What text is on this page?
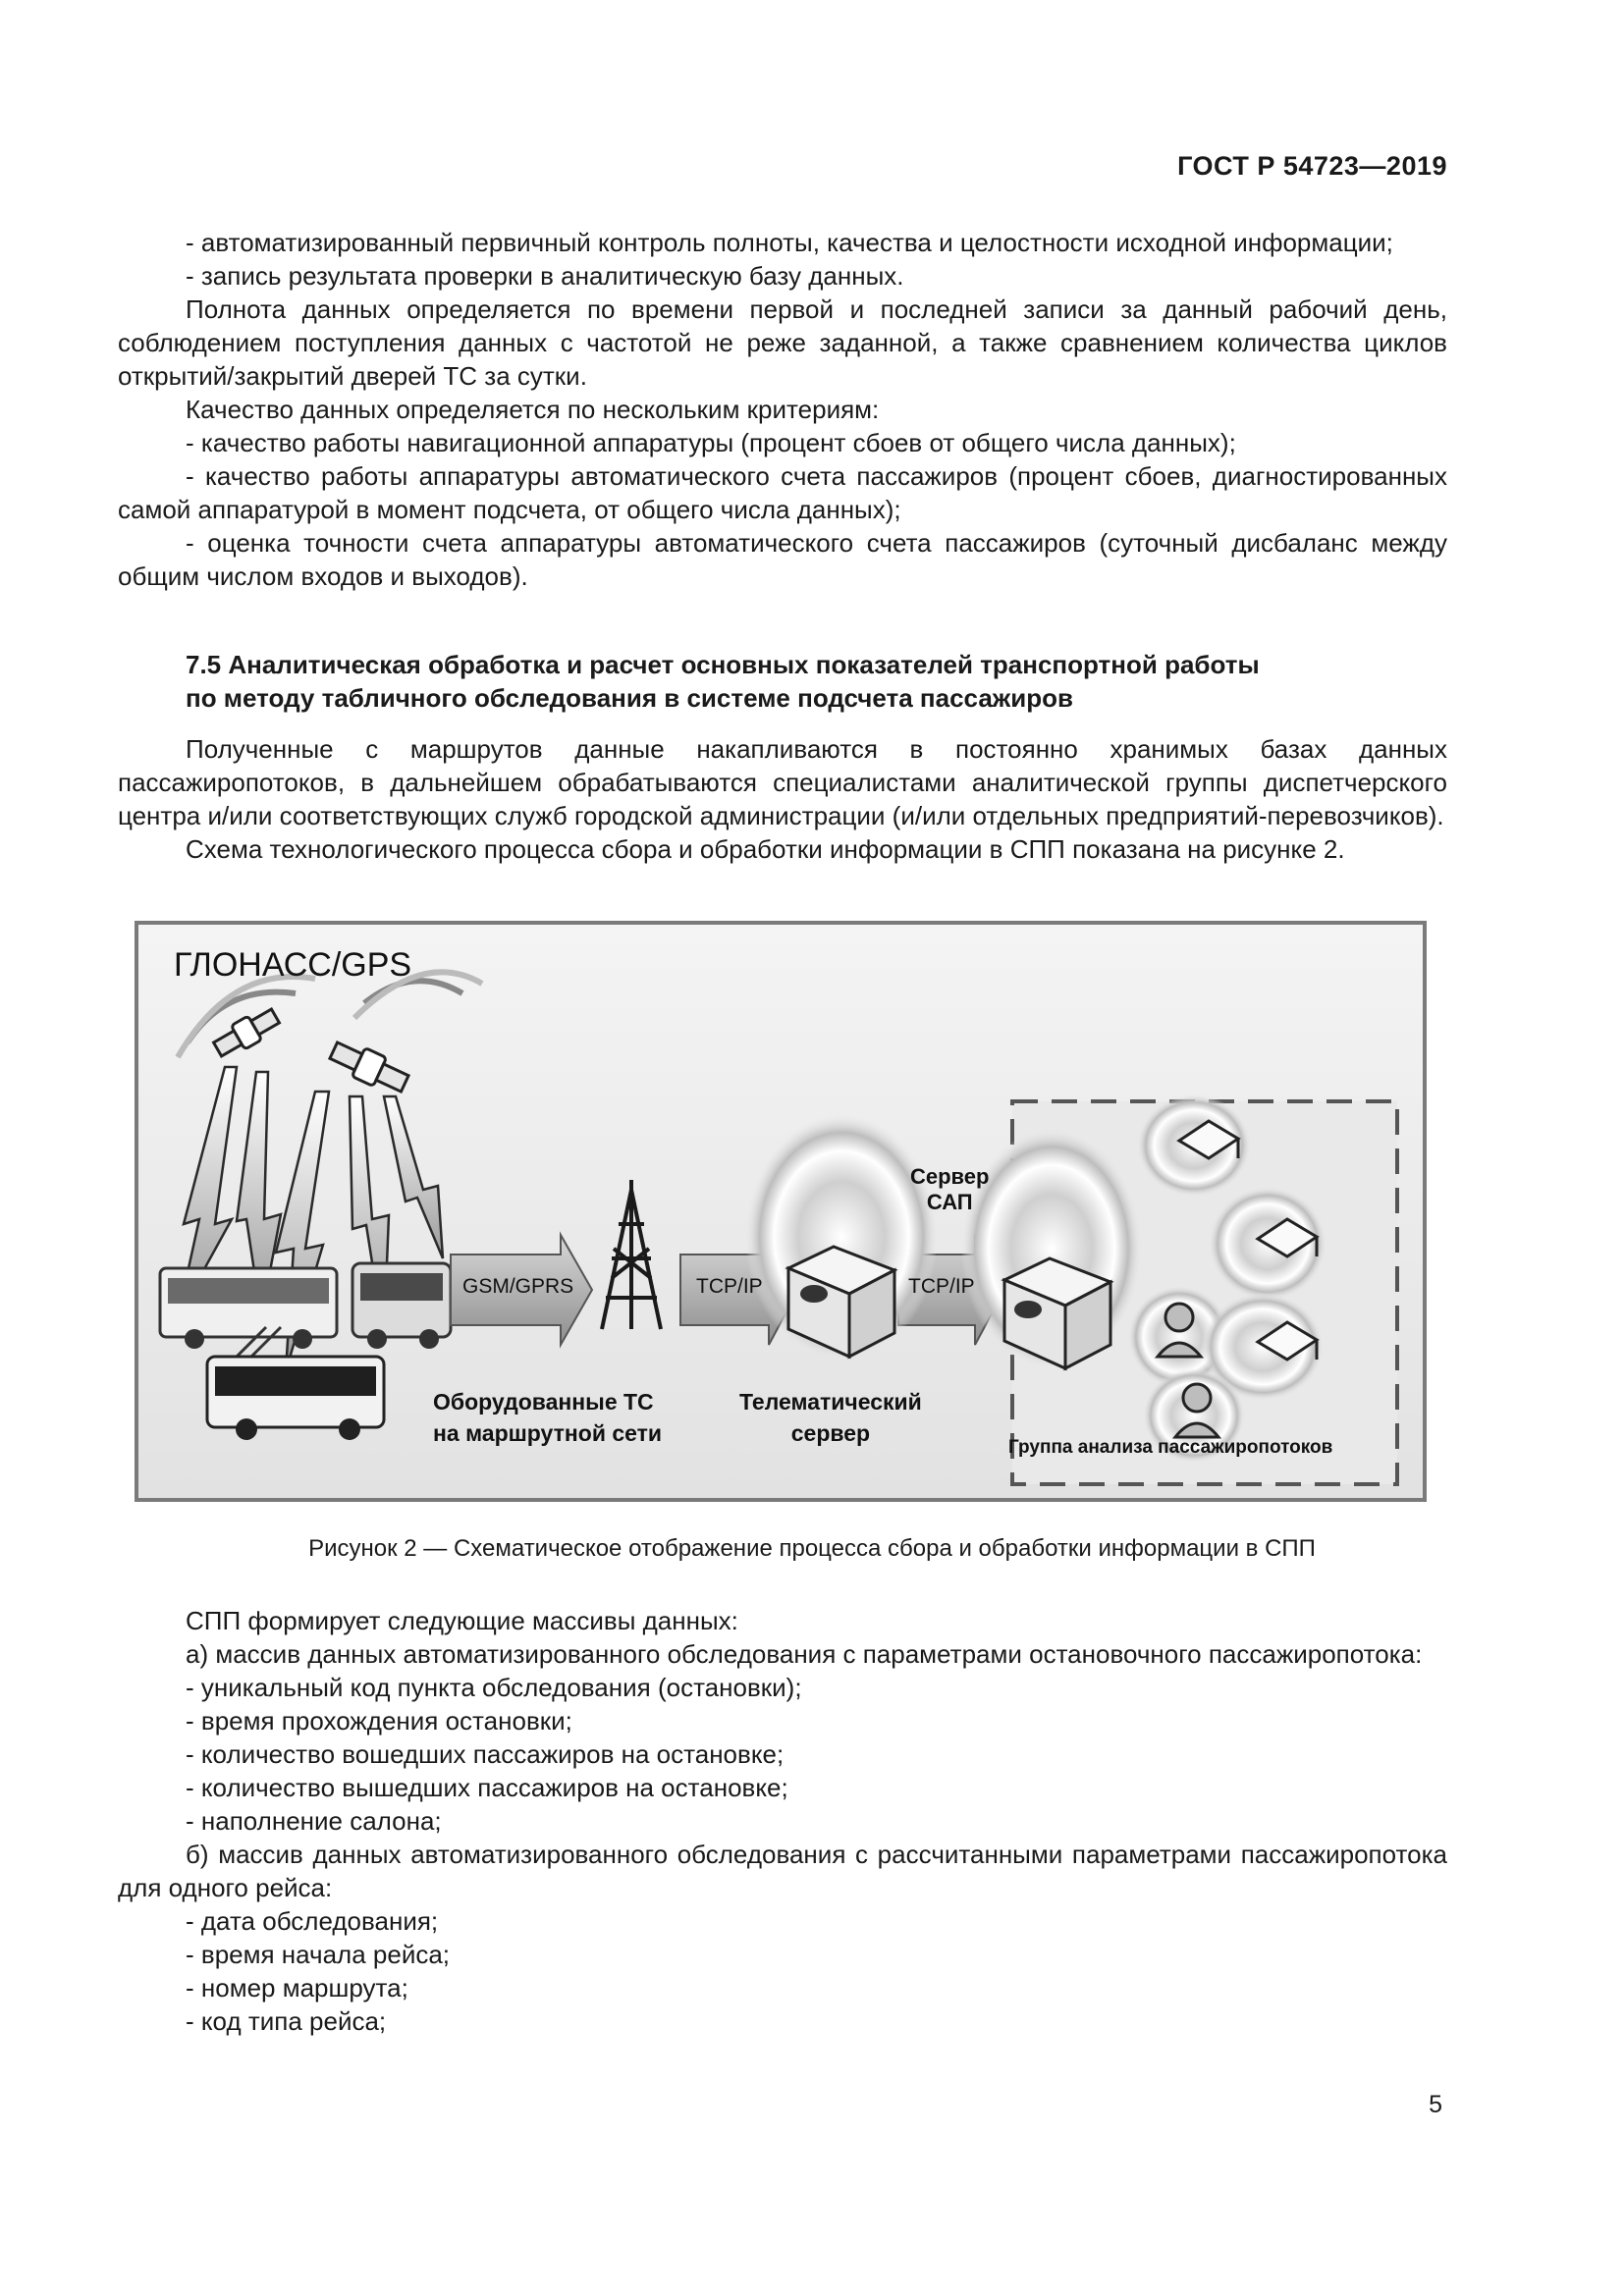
ГОСТ Р 54723—2019

- автоматизированный первичный контроль полноты, качества и целостности исходной информации;

- запись результата проверки в аналитическую базу данных.

Полнота данных определяется по времени первой и последней записи за данный рабочий день, соблюдением поступления данных с частотой не реже заданной, а также сравнением количества циклов открытий/закрытий дверей ТС за сутки.

Качество данных определяется по нескольким критериям:

- качество работы навигационной аппаратуры (процент сбоев от общего числа данных);

- качество работы аппаратуры автоматического счета пассажиров (процент сбоев, диагностированных самой аппаратурой в момент подсчета, от общего числа данных);

- оценка точности счета аппаратуры автоматического счета пассажиров (суточный дисбаланс между общим числом входов и выходов).

7.5 Аналитическая обработка и расчет основных показателей транспортной работы

по методу табличного обследования в системе подсчета пассажиров

Полученные с маршрутов данные накапливаются в постоянно хранимых базах данных пассажиропотоков, в дальнейшем обрабатываются специалистами аналитической группы диспетчерского центра и/или соответствующих служб городской администрации (и/или отдельных предприятий-перевозчиков).

Схема технологического процесса сбора и обработки информации в СПП показана на рисунке 2.

ГЛОНАСС/GPS
GSM/GPRS	TCP/IP	TCP/IP
Сервер
САП
Оборудованные ТС
на маршрутной сети
Телематический
сервер
Группа анализа пассажиропотоков
Рисунок 2 — Схематическое отображение процесса сбора и обработки информации в СПП

СПП формирует следующие массивы данных:

а) массив данных автоматизированного обследования с параметрами остановочного пассажиропотока:

- уникальный код пункта обследования (остановки);

- время прохождения остановки;

- количество вошедших пассажиров на остановке;

- количество вышедших пассажиров на остановке;

- наполнение салона;

б) массив данных автоматизированного обследования с рассчитанными параметрами пассажиропотока для одного рейса:

- дата обследования;

- время начала рейса;

- номер маршрута;

- код типа рейса;

5
